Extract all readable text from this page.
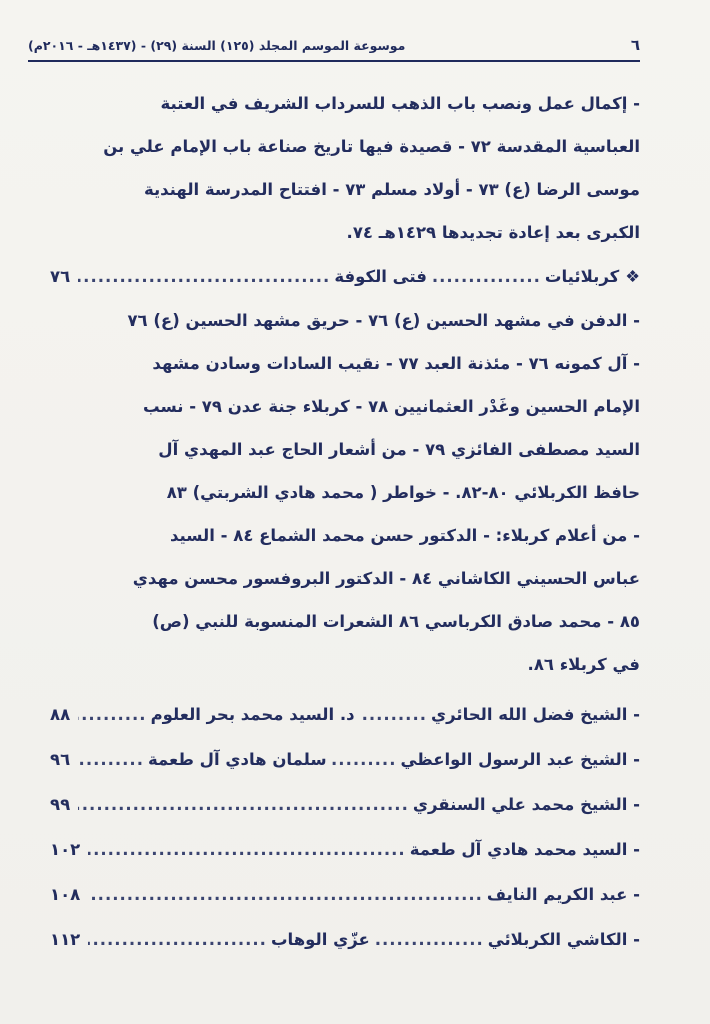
٦
موسوعة الموسم المجلد (١٢٥) السنة (٢٩) - (١٤٣٧هـ - ٢٠١٦م)
- إكمال عمل ونصب باب الذهب للسرداب الشريف في العتبة
العباسية المقدسة ٧٢ - قصيدة فيها تاريخ صناعة باب الإمام علي بن
موسى الرضا (ع) ٧٣ - أولاد مسلم ٧٣ - افتتاح المدرسة الهندية
الكبرى بعد إعادة تجديدها ١٤٢٩هـ ٧٤.
❖كربلائيات
.....
فتى الكوفة
.....
٧٦
- الدفن في مشهد الحسين (ع) ٧٦ - حريق مشهد الحسين (ع) ٧٦
- آل كمونه ٧٦ - مئذنة العبد ٧٧ - نقيب السادات وسادن مشهد
الإمام الحسين وغَدْر العثمانيين ٧٨ - كربلاء جنة عدن ٧٩ - نسب
السيد مصطفى الفائزي ٧٩ - من أشعار الحاج عبد المهدي آل
حافظ الكربلائي ٨٠-٨٢. - خواطر ( محمد هادي الشربتي) ٨٣
- من أعلام كربلاء: - الدكتور حسن محمد الشماع ٨٤ - السيد
عباس الحسيني الكاشاني ٨٤ - الدكتور البروفسور محسن مهدي
٨٥ - محمد صادق الكرباسي ٨٦ الشعرات المنسوبة للنبي (ص)
في كربلاء ٨٦.
- الشيخ فضل الله الحائري
.....
د. السيد محمد بحر العلوم
.....
٨٨
- الشيخ عبد الرسول الواعظي
.....
سلمان هادي آل طعمة
.....
٩٦
- الشيخ محمد علي السنقري
.....
٩٩
- السيد محمد هادي آل طعمة
.....
١٠٢
- عبد الكريم النايف
.....
١٠٨
- الكاشي الكربلائي
.....
عزّي الوهاب
.....
١١٢
